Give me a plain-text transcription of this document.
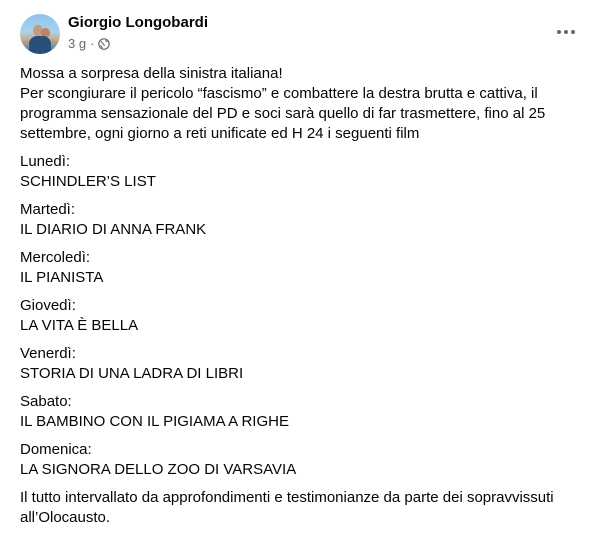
Giorgio Longobardi
3 g ·

Mossa a sorpresa della sinistra italiana!
Per scongiurare il pericolo “fascismo” e combattere la destra brutta e cattiva, il programma sensazionale del PD e soci sarà quello di far trasmettere, fino al 25 settembre, ogni giorno a reti unificate ed H 24 i seguenti film

Lunedì:
SCHINDLER’S LIST

Martedì:
IL DIARIO DI ANNA FRANK

Mercoledì:
IL PIANISTA

Giovedì:
LA VITA È BELLA

Venerdì:
STORIA DI UNA LADRA DI LIBRI

Sabato:
IL BAMBINO CON IL PIGIAMA A RIGHE

Domenica:
LA SIGNORA DELLO ZOO DI VARSAVIA

Il tutto intervallato da approfondimenti e testimonianze da parte dei sopravvissuti all’Olocausto.
